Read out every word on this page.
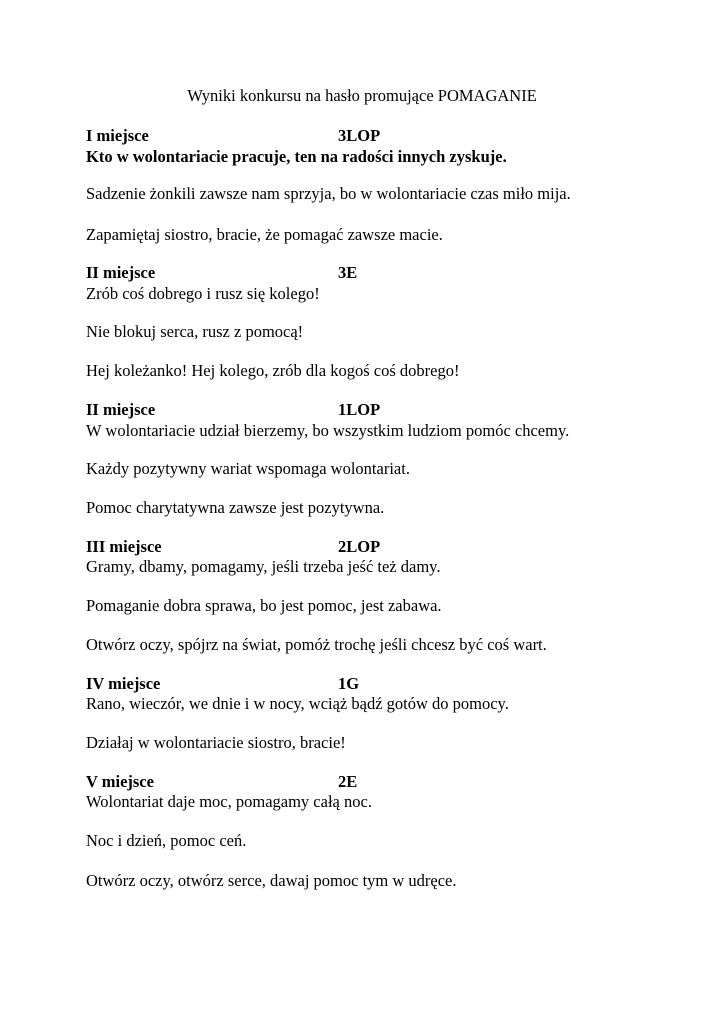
Wyniki konkursu na hasło promujące POMAGANIE
I miejsce	3LOP
Kto w wolontariacie pracuje, ten na radości innych zyskuje.
Sadzenie żonkili zawsze nam sprzyja, bo w wolontariacie czas miło mija.
Zapamiętaj siostro, bracie, że pomagać zawsze macie.
II miejsce	3E
Zrób coś dobrego i rusz się kolego!
Nie blokuj serca, rusz z pomocą!
Hej koleżanko! Hej kolego, zrób dla kogoś coś dobrego!
II miejsce	1LOP
W wolontariacie udział bierzemy, bo wszystkim ludziom pomóc chcemy.
Każdy pozytywny wariat wspomaga wolontariat.
Pomoc charytatywna zawsze jest pozytywna.
III miejsce	2LOP
Gramy, dbamy, pomagamy, jeśli trzeba jeść też damy.
Pomaganie dobra sprawa, bo jest pomoc, jest zabawa.
Otwórz oczy, spójrz na świat, pomóż trochę jeśli chcesz być coś wart.
IV miejsce	1G
Rano, wieczór, we dnie i w nocy, wciąż bądź gotów do pomocy.
Działaj w wolontariacie siostro, bracie!
V miejsce	2E
Wolontariat daje moc, pomagamy całą noc.
Noc i dzień, pomoc ceń.
Otwórz oczy, otwórz serce, dawaj pomoc tym w udręce.
